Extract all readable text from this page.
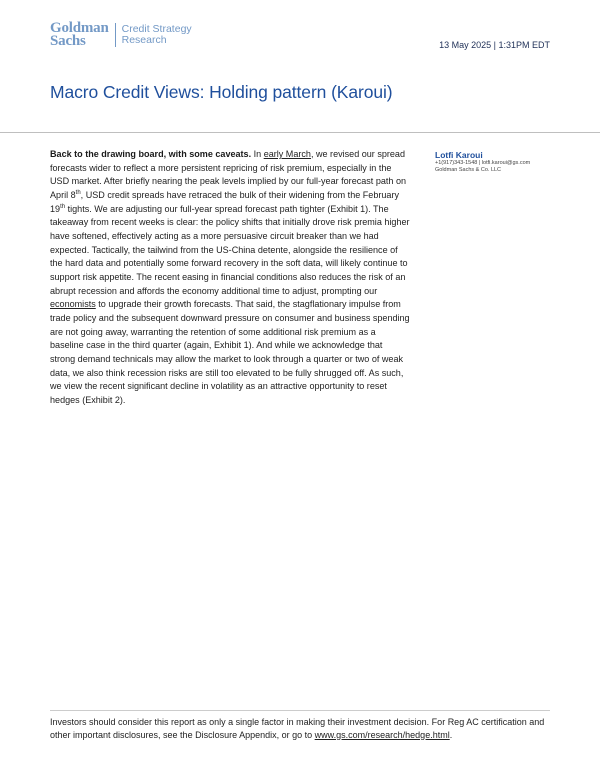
Goldman
Sachs
Credit Strategy
Research	13 May 2025 | 1:31PM EDT
Macro Credit Views: Holding pattern (Karoui)

Back to the drawing board, with some caveats. In early March, we revised our spread forecasts wider to reflect a more persistent repricing of risk premium, especially in the USD market. After briefly nearing the peak levels implied by our full-year forecast path on April 8th, USD credit spreads have retraced the bulk of their widening from the February 19th tights. We are adjusting our full-year spread forecast path tighter (Exhibit 1). The takeaway from recent weeks is clear: the policy shifts that initially drove risk premia higher have softened, effectively acting as a more persuasive circuit breaker than we had expected. Tactically, the tailwind from the US-China detente, alongside the resilience of the hard data and potentially some forward recovery in the soft data, will likely continue to support risk appetite. The recent easing in financial conditions also reduces the risk of an abrupt recession and affords the economy additional time to adjust, prompting our economists to upgrade their growth forecasts. That said, the stagflationary impulse from trade policy and the subsequent downward pressure on consumer and business spending are not going away, warranting the retention of some additional risk premium as a baseline case in the third quarter (again, Exhibit 1). And while we acknowledge that strong demand technicals may allow the market to look through a quarter or two of weak data, we also think recession risks are still too elevated to be fully shrugged off. As such, we view the recent significant decline in volatility as an attractive opportunity to reset hedges (Exhibit 2).

Lotfi Karoui
+1(917)343-1548 | lotfi.karoui@gs.com
Goldman Sachs & Co. LLC

Investors should consider this report as only a single factor in making their investment decision. For Reg AC certification and other important disclosures, see the Disclosure Appendix, or go to www.gs.com/research/hedge.html.
